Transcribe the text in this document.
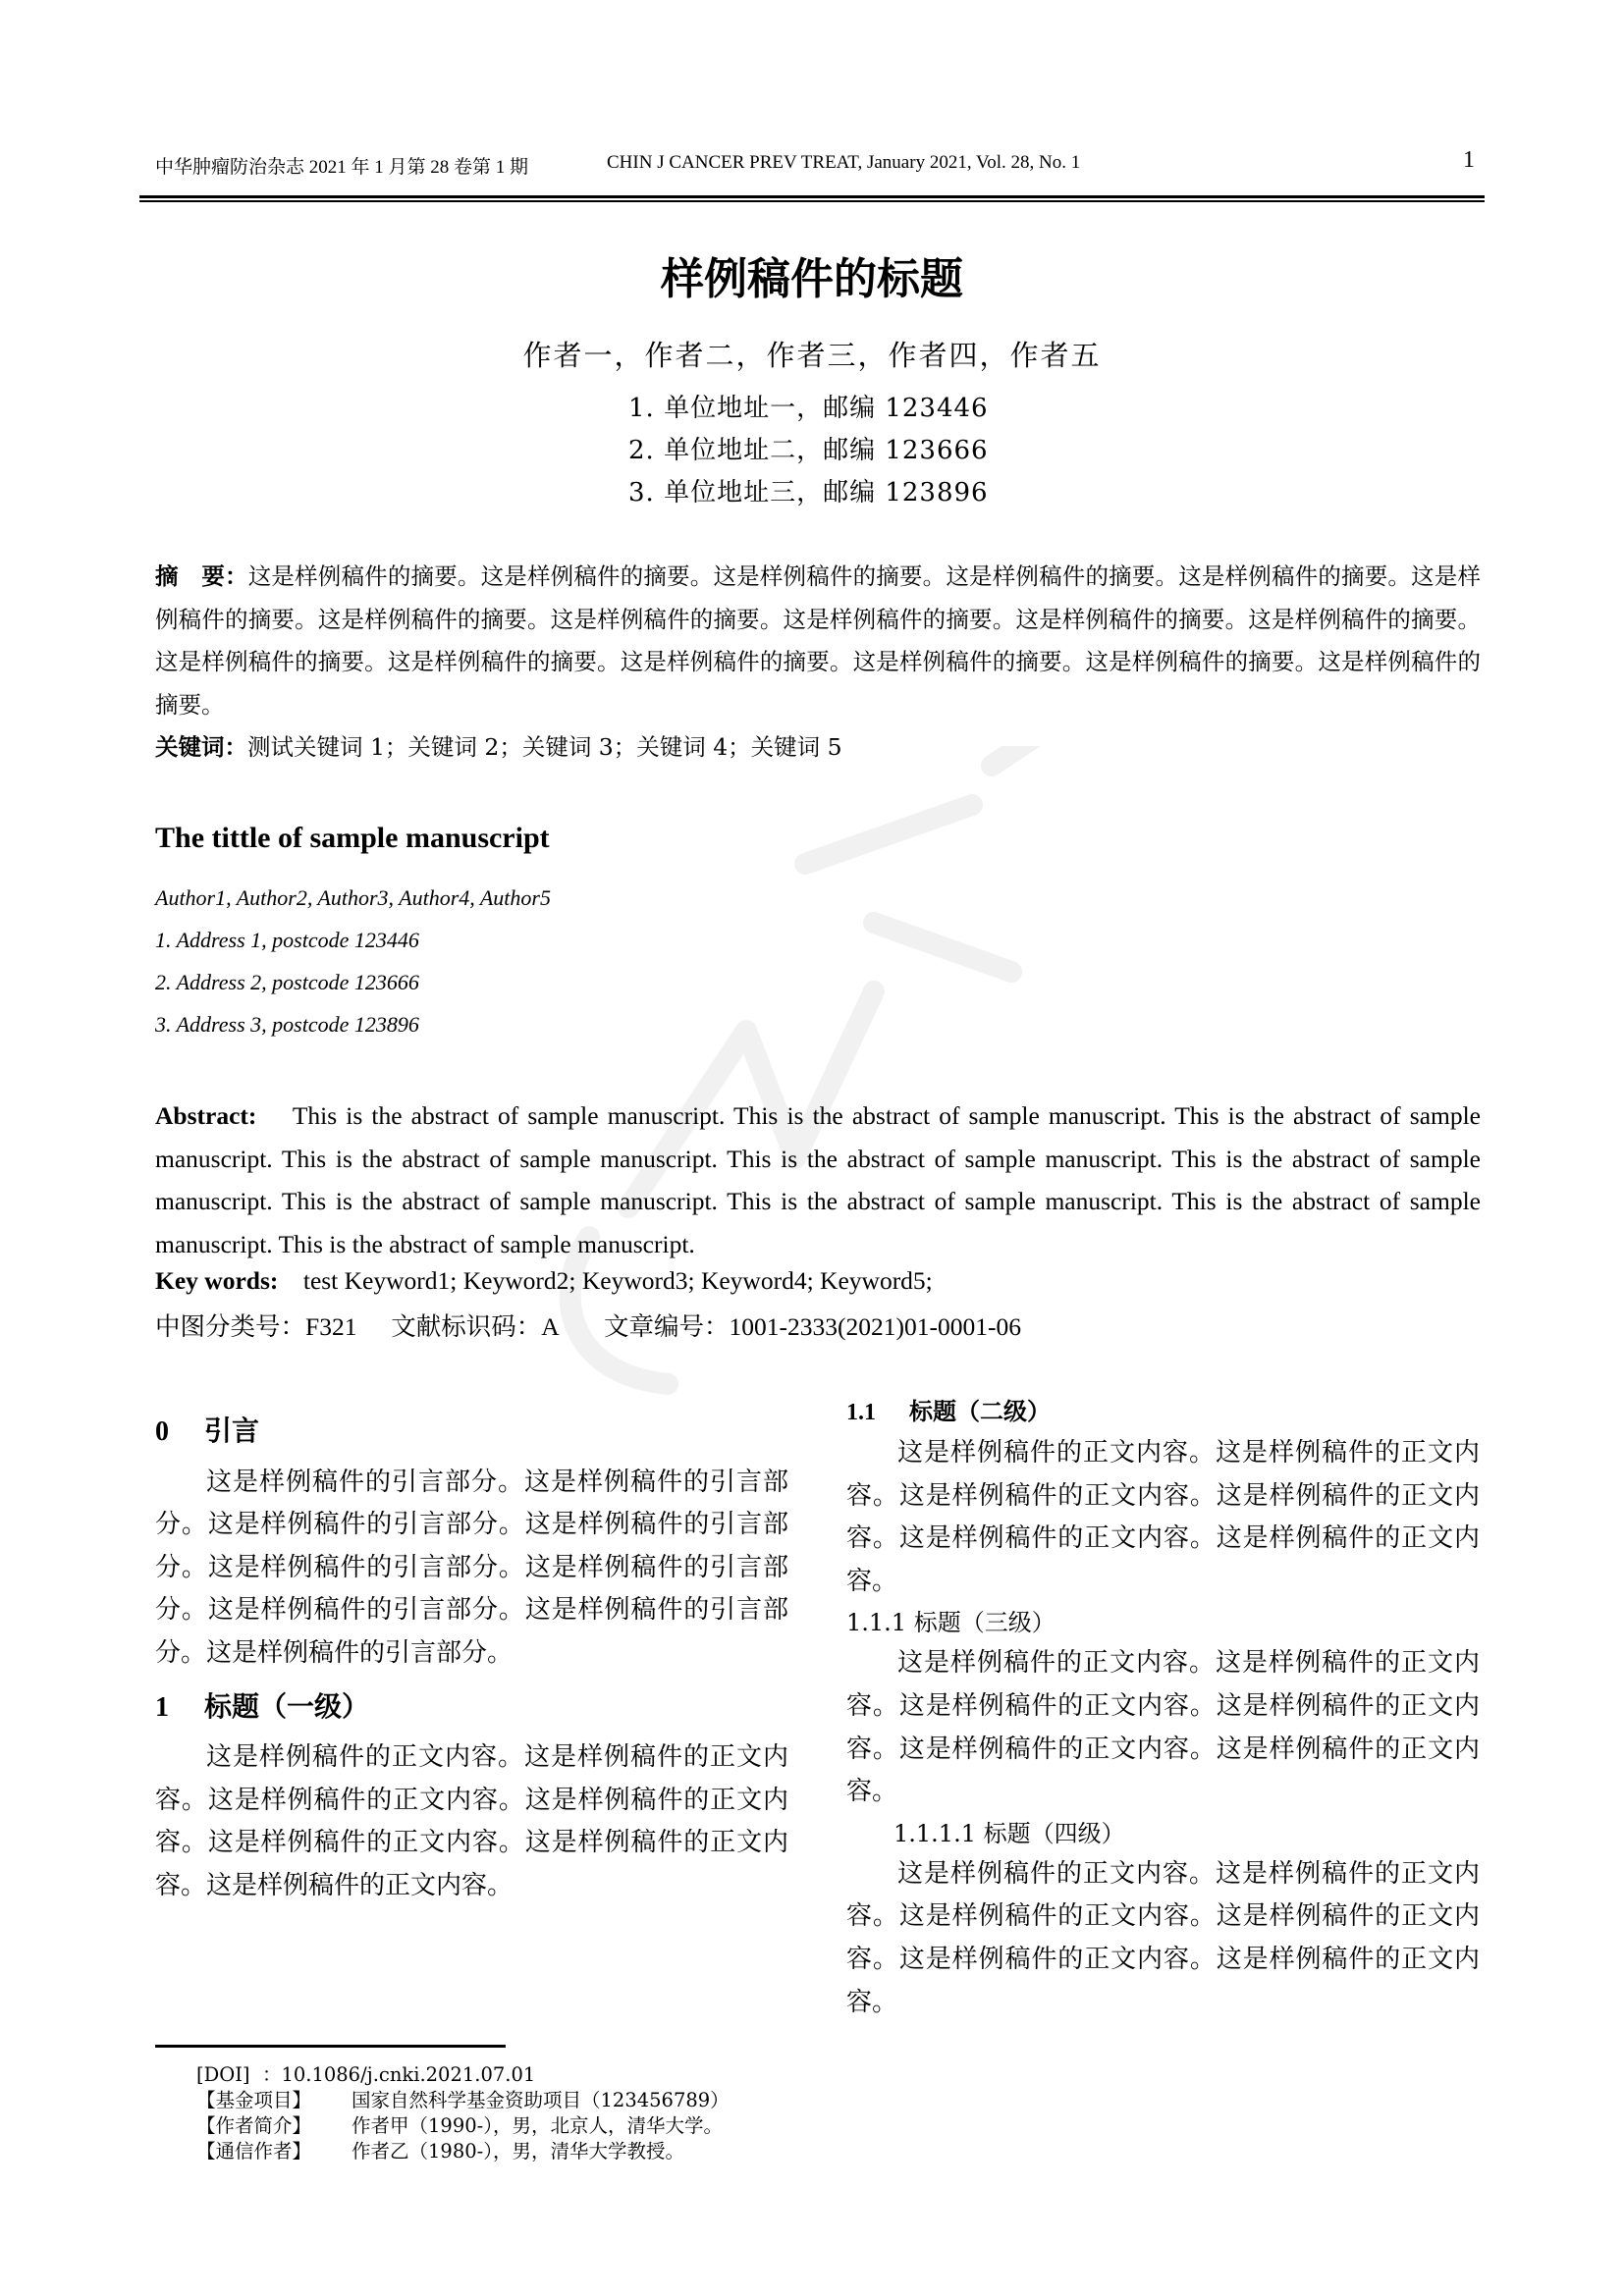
中华肿瘤防治杂志 2021 年 1 月第 28 卷第 1 期	CHIN J CANCER PREV TREAT, January 2021, Vol. 28, No. 1	1
样例稿件的标题
作者一，作者二，作者三，作者四，作者五
1. 单位地址一，邮编 123446
2. 单位地址二，邮编 123666
3. 单位地址三，邮编 123896
摘　要：这是样例稿件的摘要。这是样例稿件的摘要。这是样例稿件的摘要。这是样例稿件的摘要。这是样例稿件的摘要。这是样例稿件的摘要。这是样例稿件的摘要。这是样例稿件的摘要。这是样例稿件的摘要。这是样例稿件的摘要。这是样例稿件的摘要。这是样例稿件的摘要。这是样例稿件的摘要。这是样例稿件的摘要。这是样例稿件的摘要。这是样例稿件的摘要。这是样例稿件的摘要。
关键词：测试关键词 1；关键词 2；关键词 3；关键词 4；关键词 5
The tittle of sample manuscript
Author1, Author2, Author3, Author4, Author5
1. Address 1, postcode 123446
2. Address 2, postcode 123666
3. Address 3, postcode 123896
Abstract: This is the abstract of sample manuscript. This is the abstract of sample manuscript. This is the abstract of sample manuscript. This is the abstract of sample manuscript. This is the abstract of sample manuscript. This is the abstract of sample manuscript. This is the abstract of sample manuscript. This is the abstract of sample manuscript. This is the abstract of sample manuscript. This is the abstract of sample manuscript.
Key words: test Keyword1; Keyword2; Keyword3; Keyword4; Keyword5;
中图分类号：F321 文献标识码：A 文章编号：1001-2333(2021)01-0001-06
0 引言

这是样例稿件的引言部分。这是样例稿件的引言部分。这是样例稿件的引言部分。这是样例稿件的引言部分。这是样例稿件的引言部分。这是样例稿件的引言部分。这是样例稿件的引言部分。这是样例稿件的引言部分。这是样例稿件的引言部分。

1 标题（一级）

这是样例稿件的正文内容。这是样例稿件的正文内容。这是样例稿件的正文内容。这是样例稿件的正文内容。这是样例稿件的正文内容。这是样例稿件的正文内容。这是样例稿件的正文内容。

1.1 标题（二级）

这是样例稿件的正文内容。这是样例稿件的正文内容。这是样例稿件的正文内容。这是样例稿件的正文内容。这是样例稿件的正文内容。这是样例稿件的正文内容。

1.1.1 标题（三级）

这是样例稿件的正文内容。这是样例稿件的正文内容。这是样例稿件的正文内容。这是样例稿件的正文内容。这是样例稿件的正文内容。这是样例稿件的正文内容。

1.1.1.1 标题（四级）

这是样例稿件的正文内容。这是样例稿件的正文内容。这是样例稿件的正文内容。这是样例稿件的正文内容。这是样例稿件的正文内容。这是样例稿件的正文内容。

[DOI] ：10.1086/j.cnki.2021.07.01
【基金项目】 国家自然科学基金资助项目（123456789）
【作者简介】 作者甲（1990-），男，北京人，清华大学。
【通信作者】 作者乙（1980-），男，清华大学教授。
